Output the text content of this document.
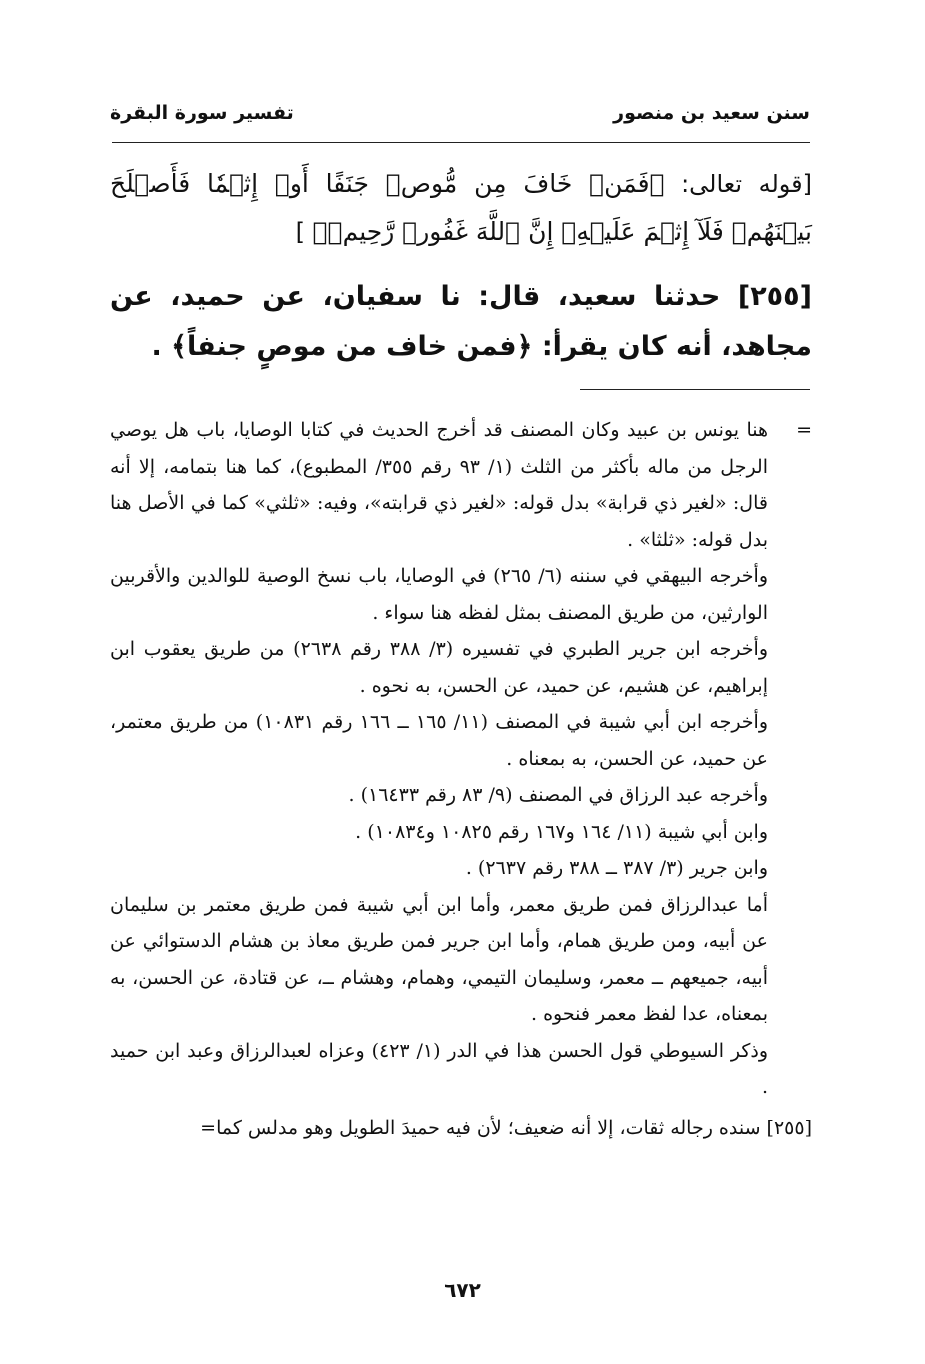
سنن سعيد بن منصور
تفسير سورة البقرة
[قوله تعالى: ﴿فَمَنۡ خَافَ مِن مُّوصٖ جَنَفًا أَوۡ إِثۡمٗا فَأَصۡلَحَ بَيۡنَهُمۡ فَلَآ إِثۡمَ عَلَيۡهِۚ إِنَّ ٱللَّهَ غَفُورٞ رَّحِيمٞ﴾ ]
[٢٥٥] حدثنا سعيد، قال: نا سفيان، عن حميد، عن مجاهد، أنه كان يقرأ: ﴿فمن خاف من موصٍ جنفاً﴾ .
=

هنا يونس بن عبيد وكان المصنف قد أخرج الحديث في كتابا الوصايا، باب هل يوصي الرجل من ماله بأكثر من الثلث (١/ ٩٣ رقم ٣٥٥/ المطبوع)، كما هنا بتمامه، إلا أنه قال: «لغير ذي قرابة» بدل قوله: «لغير ذي قرابته»، وفيه: «ثلثي» كما في الأصل هنا بدل قوله: «ثلثا» .

وأخرجه البيهقي في سننه (٦/ ٢٦٥) في الوصايا، باب نسخ الوصية للوالدين والأقربين الوارثين، من طريق المصنف بمثل لفظه هنا سواء .

وأخرجه ابن جرير الطبري في تفسيره (٣/ ٣٨٨ رقم ٢٦٣٨) من طريق يعقوب ابن إبراهيم، عن هشيم، عن حميد، عن الحسن، به نحوه .

وأخرجه ابن أبي شيبة في المصنف (١١/ ١٦٥ ــ ١٦٦ رقم ١٠٨٣١) من طريق معتمر، عن حميد، عن الحسن، به بمعناه .

وأخرجه عبد الرزاق في المصنف (٩/ ٨٣ رقم ١٦٤٣٣) .

وابن أبي شيبة (١١/ ١٦٤ و١٦٧ رقم ١٠٨٢٥ و١٠٨٣٤) .

وابن جرير (٣/ ٣٨٧ ــ ٣٨٨ رقم ٢٦٣٧) .

أما عبدالرزاق فمن طريق معمر، وأما ابن أبي شيبة فمن طريق معتمر بن سليمان عن أبيه، ومن طريق همام، وأما ابن جرير فمن طريق معاذ بن هشام الدستوائي عن أبيه، جميعهم ــ معمر، وسليمان التيمي، وهمام، وهشام ــ، عن قتادة، عن الحسن، به بمعناه، عدا لفظ معمر فنحوه .

وذكر السيوطي قول الحسن هذا في الدر (١/ ٤٢٣) وعزاه لعبدالرزاق وعبد ابن حميد .

[٢٥٥] سنده رجاله ثقات، إلا أنه ضعيف؛ لأن فيه حميدَ الطويل وهو مدلس كما=

٦٧٢
